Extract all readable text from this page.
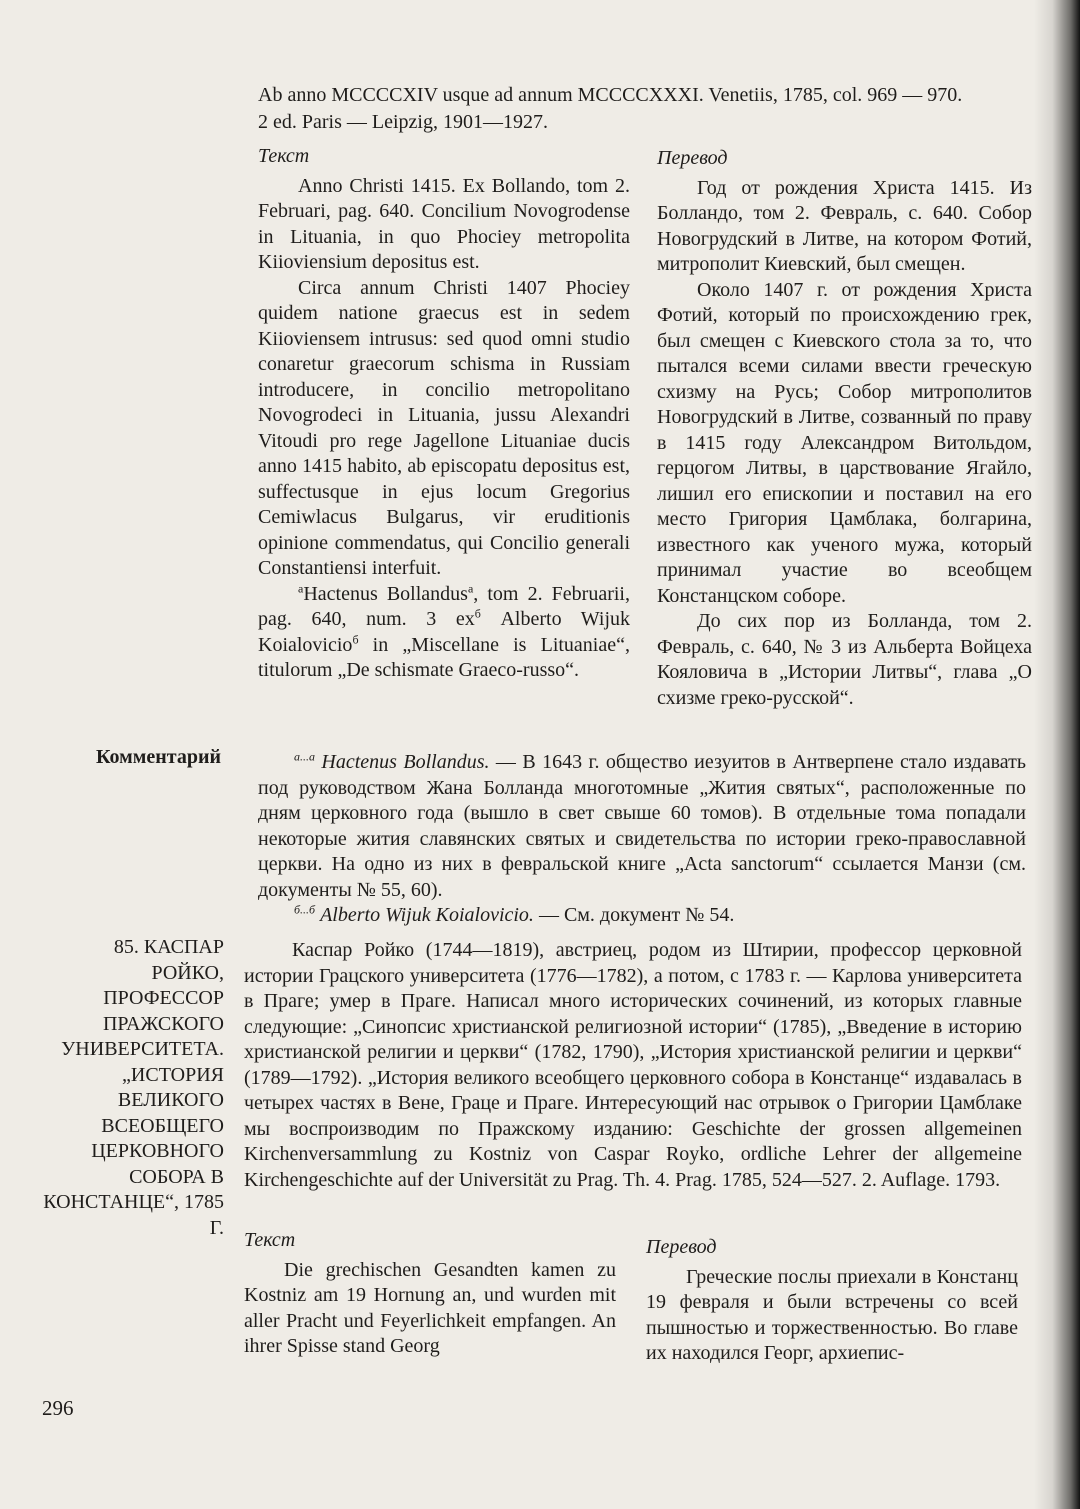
Ab anno MCCCCXIV usque ad annum MCCCCXXXI. Venetiis, 1785, col. 969 — 970.
2 ed. Paris — Leipzig, 1901—1927.
Текст

Anno Christi 1415. Ex Bollando, tom 2. Februari, pag. 640. Concilium Novogrodense in Lituania, in quo Phociey metropolita Kiioviensium depositus est.

Circa annum Christi 1407 Phociey quidem natione graecus est in sedem Kiioviensem intrusus: sed quod omni studio conaretur graecorum schisma in Russiam introducere, in concilio metropolitano Novogrodeci in Lituania, jussu Alexandri Vitoudi pro rege Jagellone Lituaniae ducis anno 1415 habito, ab episcopatu depositus est, suffectusque in ejus locum Gregorius Cemiwlacus Bulgarus, vir eruditionis opinione commendatus, qui Concilio generali Constantiensi interfuit.

$^a$Hactenus Bollandus$^a$, tom 2. Februarii, pag. 640, num. 3 $ex^б$ Alberto Wijuk Koialovicio$^б$ in „Miscellane is Lituaniae“, titulorum „De schismate Graeco-russo“.

Перевод

Год от рождения Христа 1415. Из Болландо, том 2. Февраль, с. 640. Собор Новогрудский в Литве, на котором Фотий, митрополит Киевский, был смещен.

Около 1407 г. от рождения Христа Фотий, который по происхождению грек, был смещен с Киевского стола за то, что пытался всеми силами ввести греческую схизму на Русь; Собор митрополитов Новогрудский в Литве, созванный по праву в 1415 году Александром Витольдом, герцогом Литвы, в царствование Ягайло, лишил его епископии и поставил на его место Григория Цамблака, болгарина, известного как ученого мужа, который принимал участие во всеобщем Констанцском соборе.

До сих пор из Болланда, том 2. Февраль, с. 640, № 3 из Альберта Войцеха Кояловича в „Истории Литвы“, глава „О схизме греко-русской“.

Комментарий	$^{а...а}$ Hactenus Bollandus. — В 1643 г. общество иезуитов в Антверпене стало издавать под руководством Жана Болланда многотомные „Жития святых“, расположенные по дням церковного года (вышло в свет свыше 60 томов). В отдельные тома попадали некоторые жития славянских святых и свидетельства по истории греко-православной церкви. На одно из них в февральской книге „Acta sanctorum“ ссылается Манзи (см. документы № 55, 60).

$^{б...б}$ Alberto Wijuk Koialovicio. — См. документ № 54.

85. КАСПАР РОЙКО, ПРОФЕССОР ПРАЖСКОГО УНИВЕРСИТЕТА. „ИСТОРИЯ ВЕЛИКОГО ВСЕОБЩЕГО ЦЕРКОВНОГО СОБОРА В КОНСТАНЦЕ“, 1785 Г.

Каспар Ройко (1744—1819), австриец, родом из Штирии, профессор церковной истории Грацского университета (1776—1782), а потом, с 1783 г. — Карлова университета в Праге; умер в Праге. Написал много исторических сочинений, из которых главные следующие: „Синопсис христианской религиозной истории“ (1785), „Введение в историю христианской религии и церкви“ (1782, 1790), „История христианской религии и церкви“ (1789—1792). „История великого всеобщего церковного собора в Констанце“ издавалась в четырех частях в Вене, Граце и Праге. Интересующий нас отрывок о Григории Цамблаке мы воспроизводим по Пражскому изданию: Geschichte der grossen allgemeinen Kirchenversammlung zu Kostniz von Caspar Royko, ordliche Lehrer der allgemeine Kirchengeschichte auf der Universität zu Prag. Th. 4. Prag. 1785, 524—527. 2. Auflage. 1793.

Текст

Die grechischen Gesandten kamen zu Kostniz am 19 Hornung an, und wurden mit aller Pracht und Feyerlichkeit empfangen. An ihrer Spisse stand Georg

Перевод

Греческие послы приехали в Констанц 19 февраля и были встречены со всей пышностью и торжественностью. Во главе их находился Георг, архиепис-

296
